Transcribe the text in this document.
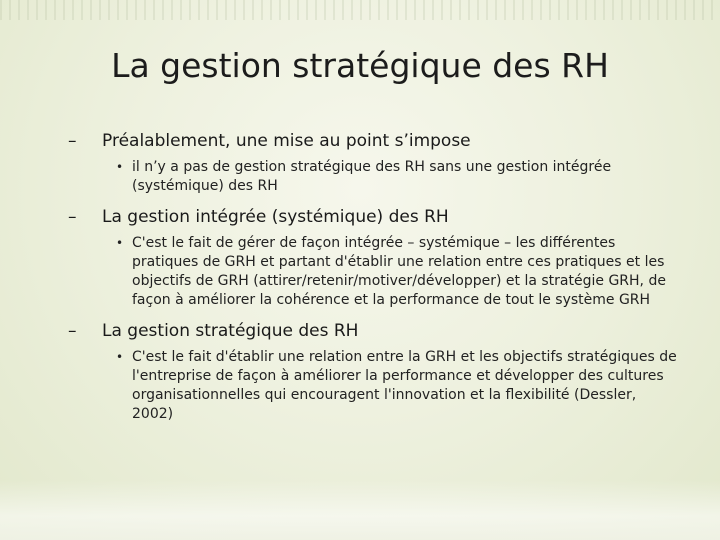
La gestion stratégique des RH
– Préalablement, une mise au point s’impose
• il n’y a pas de gestion stratégique des RH sans une gestion intégrée (systémique) des RH
– La gestion intégrée (systémique) des RH
• C'est le fait de gérer de façon intégrée – systémique – les différentes pratiques de GRH et partant d'établir une relation entre ces pratiques et les objectifs de GRH (attirer/retenir/motiver/développer) et la stratégie GRH, de façon à améliorer la cohérence et la performance de tout le système GRH
– La gestion stratégique des RH
• C'est le fait d'établir une relation entre la GRH et les objectifs stratégiques de l'entreprise de façon à améliorer la performance et développer des cultures organisationnelles qui encouragent l'innovation et la flexibilité (Dessler, 2002)
